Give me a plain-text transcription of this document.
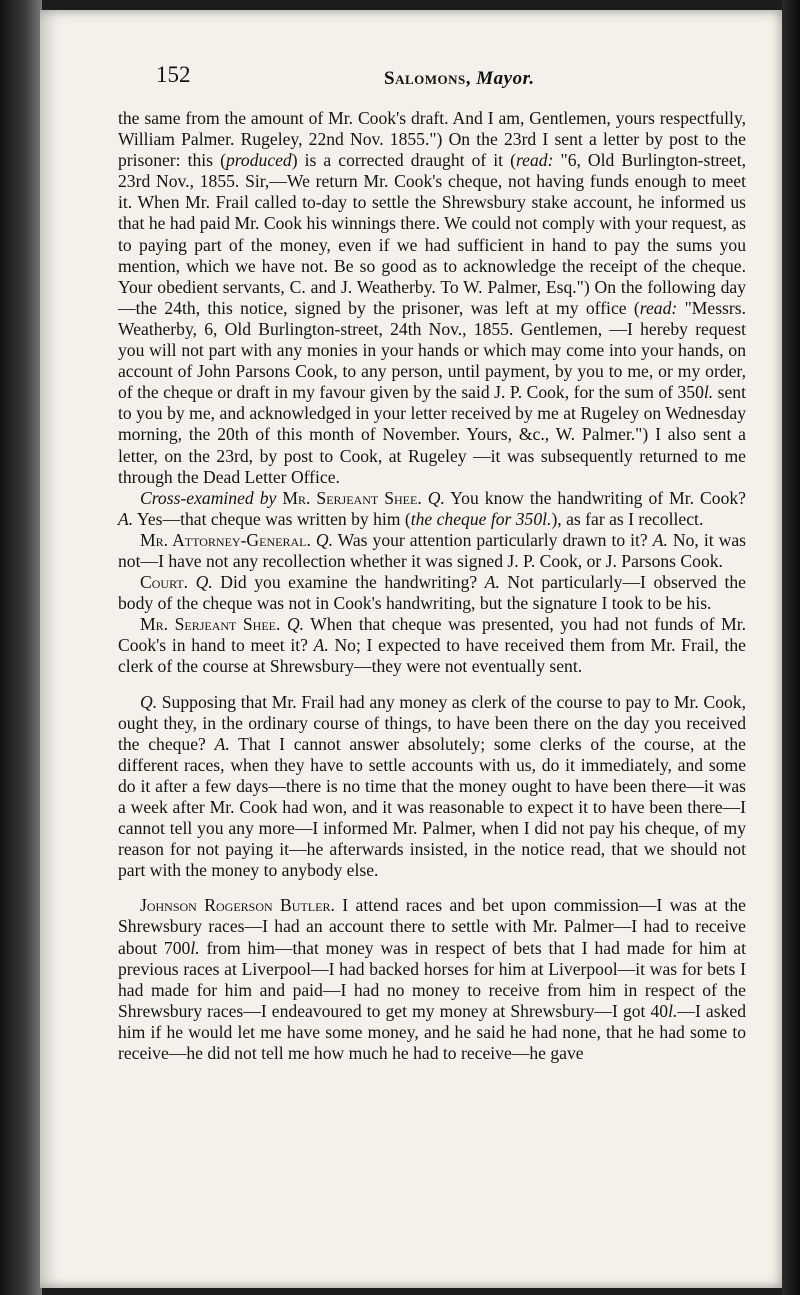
152	Salomons, Mayor.

the same from the amount of Mr. Cook's draft. And I am, Gentlemen, yours respectfully, William Palmer. Rugeley, 22nd Nov. 1855.") On the 23rd I sent a letter by post to the prisoner: this (produced) is a corrected draught of it (read: "6, Old Burlington-street, 23rd Nov., 1855. Sir,—We return Mr. Cook's cheque, not having funds enough to meet it. When Mr. Frail called to-day to settle the Shrewsbury stake account, he informed us that he had paid Mr. Cook his winnings there. We could not comply with your request, as to paying part of the money, even if we had sufficient in hand to pay the sums you mention, which we have not. Be so good as to acknowledge the receipt of the cheque. Your obedient servants, C. and J. Weatherby. To W. Palmer, Esq.") On the following day—the 24th, this notice, signed by the prisoner, was left at my office (read: "Messrs. Weatherby, 6, Old Burlington-street, 24th Nov., 1855. Gentlemen, —I hereby request you will not part with any monies in your hands or which may come into your hands, on account of John Parsons Cook, to any person, until payment, by you to me, or my order, of the cheque or draft in my favour given by the said J. P. Cook, for the sum of 350l. sent to you by me, and acknowledged in your letter received by me at Rugeley on Wednesday morning, the 20th of this month of November. Yours, &c., W. Palmer.") I also sent a letter, on the 23rd, by post to Cook, at Rugeley —it was subsequently returned to me through the Dead Letter Office.

Cross-examined by Mr. Serjeant Shee. Q. You know the handwriting of Mr. Cook? A. Yes—that cheque was written by him (the cheque for 350l.), as far as I recollect.

Mr. Attorney-General. Q. Was your attention particularly drawn to it? A. No, it was not—I have not any recollection whether it was signed J. P. Cook, or J. Parsons Cook.

Court. Q. Did you examine the handwriting? A. Not particularly—I observed the body of the cheque was not in Cook's handwriting, but the signature I took to be his.

Mr. Serjeant Shee. Q. When that cheque was presented, you had not funds of Mr. Cook's in hand to meet it? A. No; I expected to have received them from Mr. Frail, the clerk of the course at Shrewsbury—they were not eventually sent.

Q. Supposing that Mr. Frail had any money as clerk of the course to pay to Mr. Cook, ought they, in the ordinary course of things, to have been there on the day you received the cheque? A. That I cannot answer absolutely; some clerks of the course, at the different races, when they have to settle accounts with us, do it immediately, and some do it after a few days—there is no time that the money ought to have been there—it was a week after Mr. Cook had won, and it was reasonable to expect it to have been there—I cannot tell you any more—I informed Mr. Palmer, when I did not pay his cheque, of my reason for not paying it—he afterwards insisted, in the notice read, that we should not part with the money to anybody else.

Johnson Rogerson Butler. I attend races and bet upon commission—I was at the Shrewsbury races—I had an account there to settle with Mr. Palmer—I had to receive about 700l. from him—that money was in respect of bets that I had made for him at previous races at Liverpool—I had backed horses for him at Liverpool—it was for bets I had made for him and paid—I had no money to receive from him in respect of the Shrewsbury races—I endeavoured to get my money at Shrewsbury—I got 40l.—I asked him if he would let me have some money, and he said he had none, that he had some to receive—he did not tell me how much he had to receive—he gave
